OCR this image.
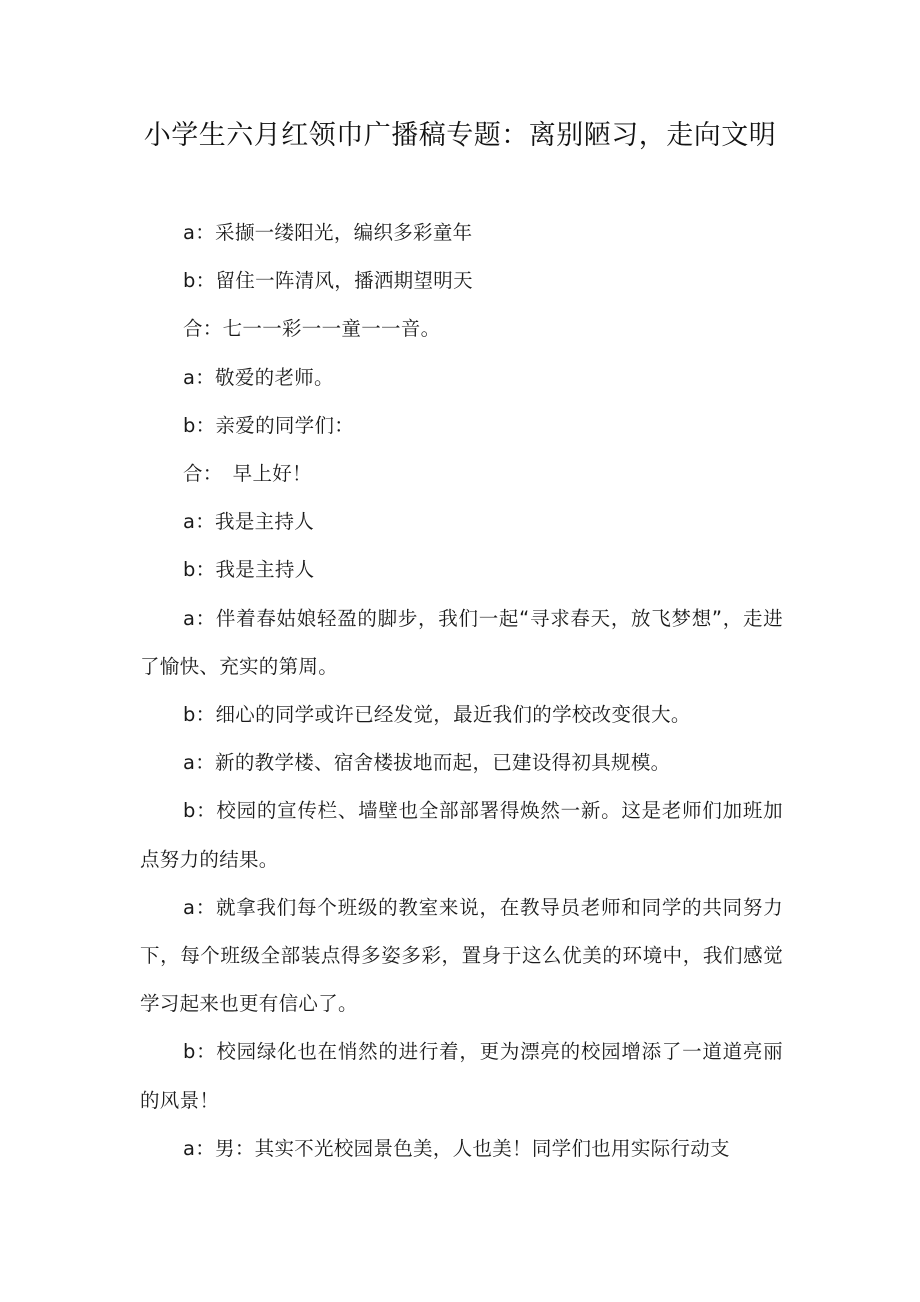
小学生六月红领巾广播稿专题：离别陋习，走向文明

a：采撷一缕阳光，编织多彩童年

b：留住一阵清风，播洒期望明天

合：七一一彩一一童一一音。

a：敬爱的老师。

b：亲爱的同学们：

合：　早上好！

a：我是主持人

b：我是主持人

a：伴着春姑娘轻盈的脚步，我们一起“寻求春天，放飞梦想”，走进了愉快、充实的第周。

b：细心的同学或许已经发觉，最近我们的学校改变很大。

a：新的教学楼、宿舍楼拔地而起，已建设得初具规模。

b：校园的宣传栏、墙壁也全部部署得焕然一新。这是老师们加班加点努力的结果。

a：就拿我们每个班级的教室来说，在教导员老师和同学的共同努力下，每个班级全部装点得多姿多彩，置身于这么优美的环境中，我们感觉学习起来也更有信心了。

b：校园绿化也在悄然的进行着，更为漂亮的校园增添了一道道亮丽的风景！

a：男：其实不光校园景色美，人也美！同学们也用实际行动支
